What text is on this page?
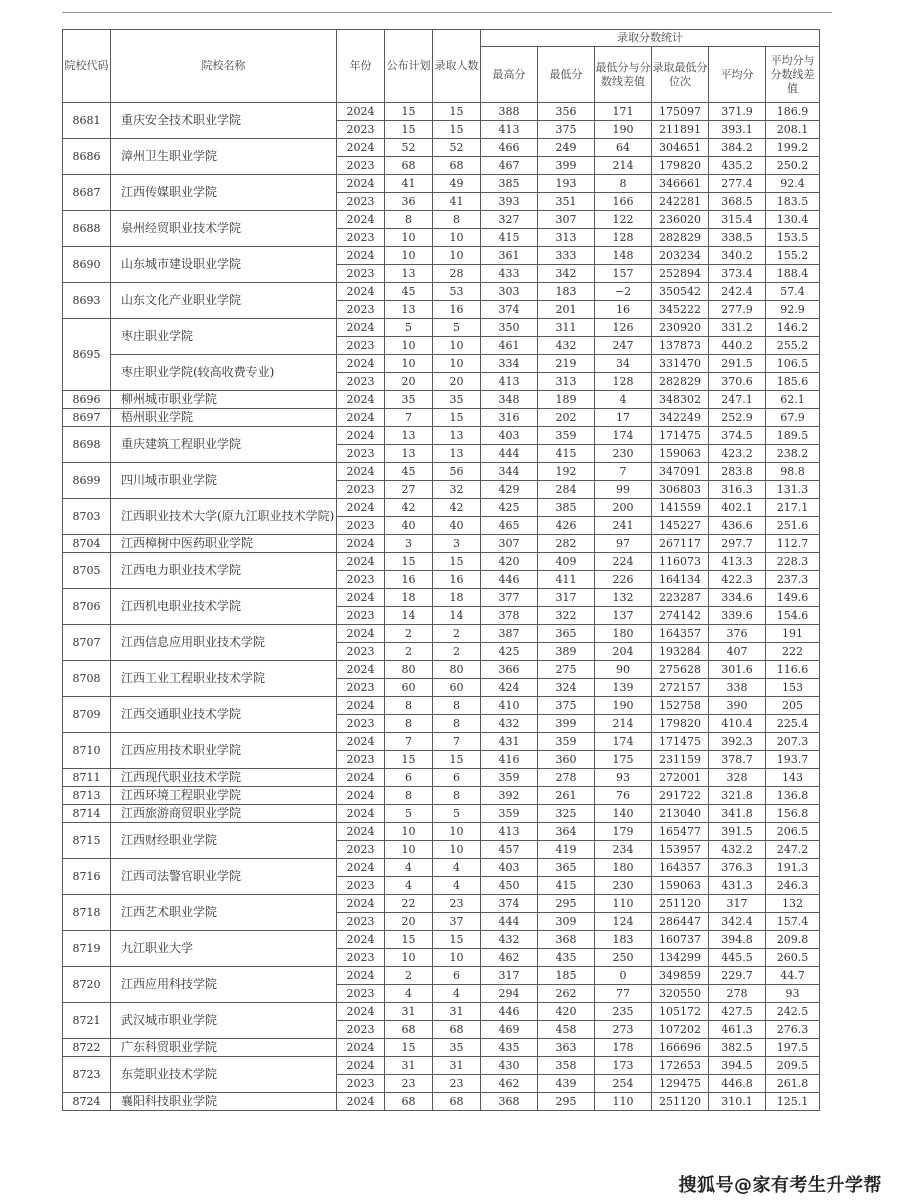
院校代码	院校名称	年份	公布计划	录取人数	录取分数统计					
					最高分	最低分	最低分与分数线差值	录取最低分位次	平均分	平均分与分数线差值
8681	重庆安全技术职业学院	2024	15	15	388	356	171	175097	371.9	186.9
		2023	15	15	413	375	190	211891	393.1	208.1
8686	漳州卫生职业学院	2024	52	52	466	249	64	304651	384.2	199.2
		2023	68	68	467	399	214	179820	435.2	250.2
8687	江西传媒职业学院	2024	41	49	385	193	8	346661	277.4	92.4
		2023	36	41	393	351	166	242281	368.5	183.5
8688	泉州经贸职业技术学院	2024	8	8	327	307	122	236020	315.4	130.4
		2023	10	10	415	313	128	282829	338.5	153.5
8690	山东城市建设职业学院	2024	10	10	361	333	148	203234	340.2	155.2
		2023	13	28	433	342	157	252894	373.4	188.4
8693	山东文化产业职业学院	2024	45	53	303	183	−2	350542	242.4	57.4
		2023	13	16	374	201	16	345222	277.9	92.9
8695	枣庄职业学院	2024	5	5	350	311	126	230920	331.2	146.2
		2023	10	10	461	432	247	137873	440.2	255.2
	枣庄职业学院(较高收费专业)	2024	10	10	334	219	34	331470	291.5	106.5
		2023	20	20	413	313	128	282829	370.6	185.6
8696	柳州城市职业学院	2024	35	35	348	189	4	348302	247.1	62.1
8697	梧州职业学院	2024	7	15	316	202	17	342249	252.9	67.9
8698	重庆建筑工程职业学院	2024	13	13	403	359	174	171475	374.5	189.5
		2023	13	13	444	415	230	159063	423.2	238.2
8699	四川城市职业学院	2024	45	56	344	192	7	347091	283.8	98.8
		2023	27	32	429	284	99	306803	316.3	131.3
8703	江西职业技术大学(原九江职业技术学院)	2024	42	42	425	385	200	141559	402.1	217.1
		2023	40	40	465	426	241	145227	436.6	251.6
8704	江西樟树中医药职业学院	2024	3	3	307	282	97	267117	297.7	112.7
8705	江西电力职业技术学院	2024	15	15	420	409	224	116073	413.3	228.3
		2023	16	16	446	411	226	164134	422.3	237.3
8706	江西机电职业技术学院	2024	18	18	377	317	132	223287	334.6	149.6
		2023	14	14	378	322	137	274142	339.6	154.6
8707	江西信息应用职业技术学院	2024	2	2	387	365	180	164357	376	191
		2023	2	2	425	389	204	193284	407	222
8708	江西工业工程职业技术学院	2024	80	80	366	275	90	275628	301.6	116.6
		2023	60	60	424	324	139	272157	338	153
8709	江西交通职业技术学院	2024	8	8	410	375	190	152758	390	205
		2023	8	8	432	399	214	179820	410.4	225.4
8710	江西应用技术职业学院	2024	7	7	431	359	174	171475	392.3	207.3
		2023	15	15	416	360	175	231159	378.7	193.7
8711	江西现代职业技术学院	2024	6	6	359	278	93	272001	328	143
8713	江西环境工程职业学院	2024	8	8	392	261	76	291722	321.8	136.8
8714	江西旅游商贸职业学院	2024	5	5	359	325	140	213040	341.8	156.8
8715	江西财经职业学院	2024	10	10	413	364	179	165477	391.5	206.5
		2023	10	10	457	419	234	153957	432.2	247.2
8716	江西司法警官职业学院	2024	4	4	403	365	180	164357	376.3	191.3
		2023	4	4	450	415	230	159063	431.3	246.3
8718	江西艺术职业学院	2024	22	23	374	295	110	251120	317	132
		2023	20	37	444	309	124	286447	342.4	157.4
8719	九江职业大学	2024	15	15	432	368	183	160737	394.8	209.8
		2023	10	10	462	435	250	134299	445.5	260.5
8720	江西应用科技学院	2024	2	6	317	185	0	349859	229.7	44.7
		2023	4	4	294	262	77	320550	278	93
8721	武汉城市职业学院	2024	31	31	446	420	235	105172	427.5	242.5
		2023	68	68	469	458	273	107202	461.3	276.3
8722	广东科贸职业学院	2024	15	35	435	363	178	166696	382.5	197.5
8723	东莞职业技术学院	2024	31	31	430	358	173	172653	394.5	209.5
		2023	23	23	462	439	254	129475	446.8	261.8
8724	襄阳科技职业学院	2024	68	68	368	295	110	251120	310.1	125.1
搜狐号@家有考生升学帮
